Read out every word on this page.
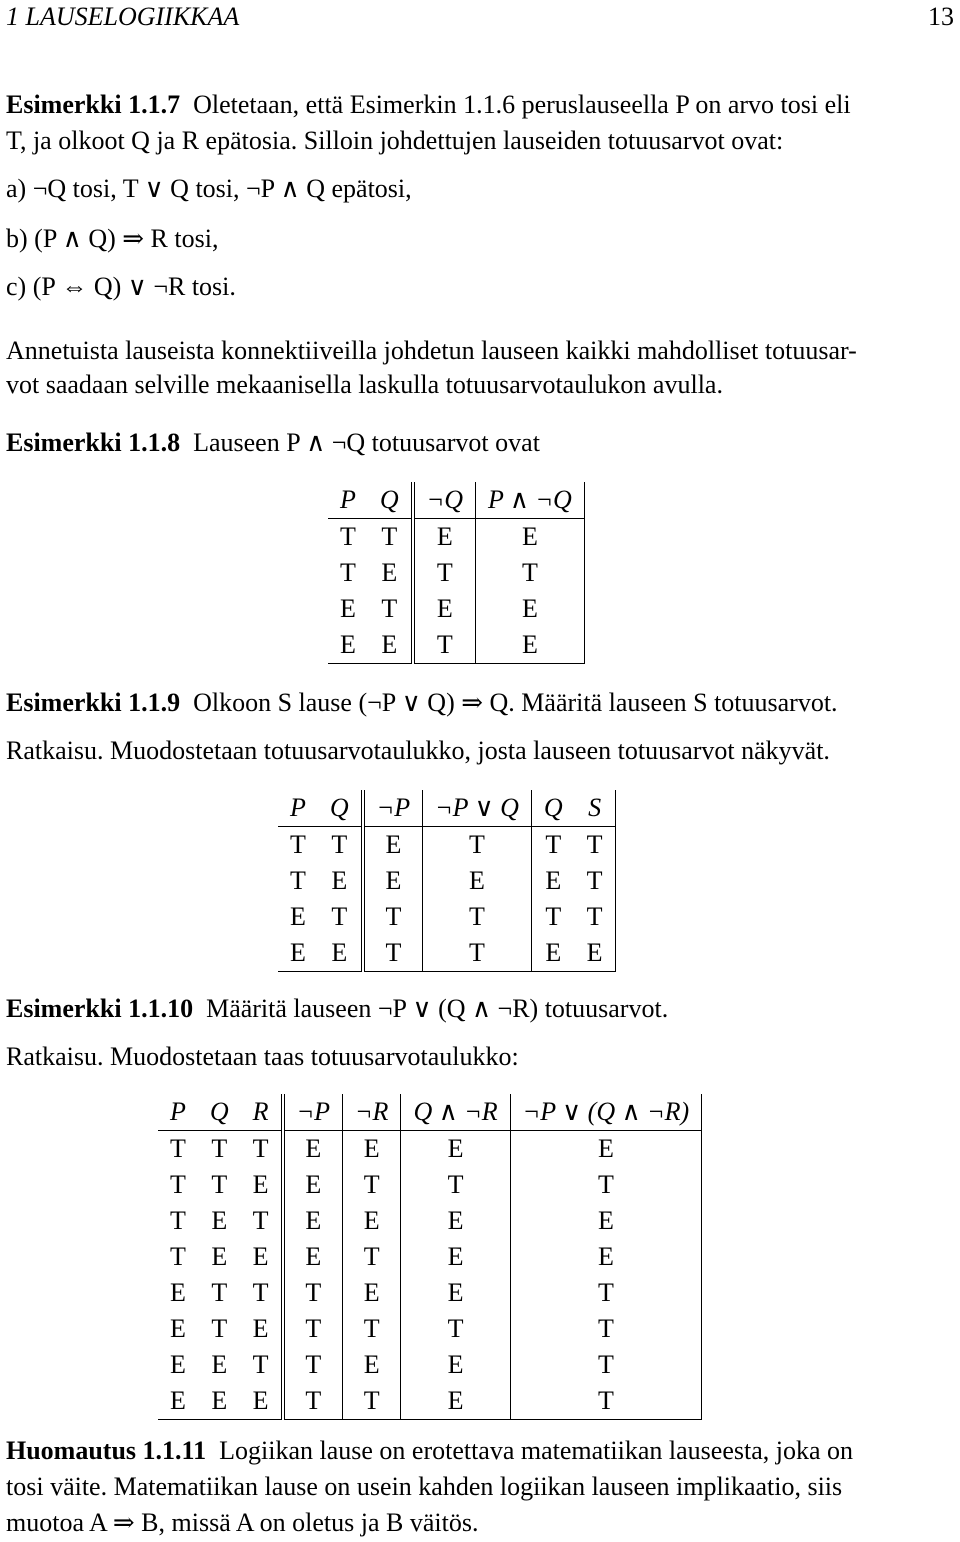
1 LAUSELOGIIKKAA	13
Esimerkki 1.1.7 Oletetaan, että Esimerkin 1.1.6 peruslauseella P on arvo tosi eli
T, ja olkoot Q ja R epätosia. Silloin johdettujen lauseiden totuusarvot ovat:
a) ¬Q tosi, T ∨ Q tosi, ¬P ∧ Q epätosi,
b) (P ∧ Q) ⇒ R tosi,
c) (P ⇔ Q) ∨ ¬R tosi.
Annetuista lauseista konnektiiveilla johdetun lauseen kaikki mahdolliset totuusar-
vot saadaan selville mekaanisella laskulla totuusarvotaulukon avulla.
Esimerkki 1.1.8 Lauseen P ∧ ¬Q totuusarvot ovat
P	Q	¬Q	P ∧ ¬Q
T	T	E	E
T	E	T	T
E	T	E	E
E	E	T	E
Esimerkki 1.1.9 Olkoon S lause (¬P ∨ Q) ⇒ Q. Määritä lauseen S totuusarvot.
Ratkaisu. Muodostetaan totuusarvotaulukko, josta lauseen totuusarvot näkyvät.
P	Q	¬P	¬P ∨ Q	Q	S
T	T	E	T	T	T
T	E	E	E	E	T
E	T	T	T	T	T
E	E	T	T	E	E
Esimerkki 1.1.10 Määritä lauseen ¬P ∨ (Q ∧ ¬R) totuusarvot.
Ratkaisu. Muodostetaan taas totuusarvotaulukko:
P	Q	R	¬P	¬R	Q ∧ ¬R	¬P ∨ (Q ∧ ¬R)
T	T	T	E	E	E	E
T	T	E	E	T	T	T
T	E	T	E	E	E	E
T	E	E	E	T	E	E
E	T	T	T	E	E	T
E	T	E	T	T	T	T
E	E	T	T	E	E	T
E	E	E	T	T	E	T
Huomautus 1.1.11 Logiikan lause on erotettava matematiikan lauseesta, joka on
tosi väite. Matematiikan lause on usein kahden logiikan lauseen implikaatio, siis
muotoa A ⇒ B, missä A on oletus ja B väitös.
